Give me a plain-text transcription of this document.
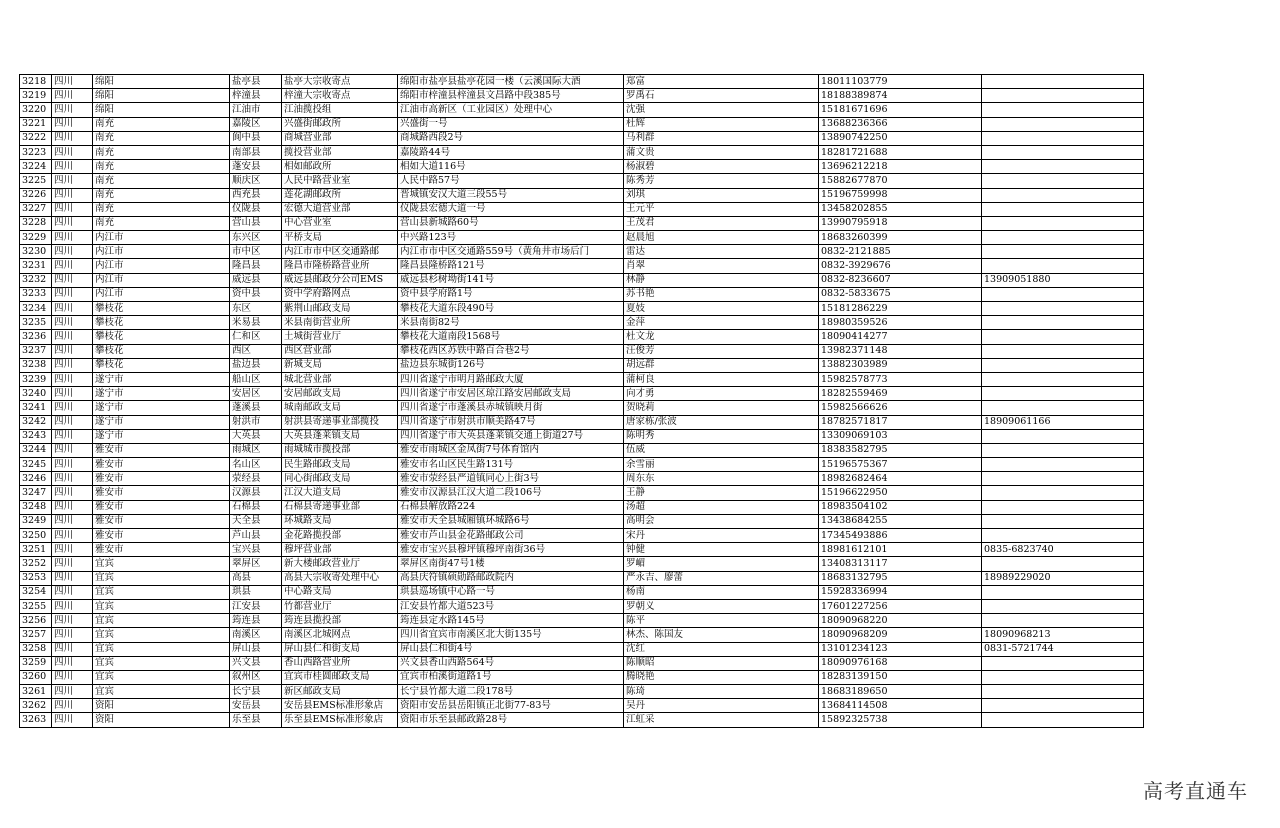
3218	四川	绵阳	盐亭县	盐亭大宗收寄点	绵阳市盐亭县盐亭花园一楼（云溪国际大酒	郑富	18011103779	
3219	四川	绵阳	梓潼县	梓潼大宗收寄点	绵阳市梓潼县梓潼县文昌路中段385号	罗禹石	18188389874	
3220	四川	绵阳	江油市	江油揽投组	江油市高新区（工业园区）处理中心	沈强	15181671696	
3221	四川	南充	嘉陵区	兴盛街邮政所	兴盛街一号	杜辉	13688236366	
3222	四川	南充	阆中县	商城营业部	商城路西段2号	马利群	13890742250	
3223	四川	南充	南部县	揽投营业部	嘉陵路44号	蒲文贵	18281721688	
3224	四川	南充	蓬安县	相如邮政所	相如大道116号	杨淑碧	13696212218	
3225	四川	南充	顺庆区	人民中路营业室	人民中路57号	陈秀芳	15882677870	
3226	四川	南充	西充县	莲花湖邮政所	晋城镇安汉大道三段55号	刘琪	15196759998	
3227	四川	南充	仪陇县	宏德大道营业部	仪陇县宏德大道一号	王元平	13458202855	
3228	四川	南充	营山县	中心营业室	营山县新城路60号	王茂君	13990795918	
3229	四川	内江市	东兴区	平桥支局	中兴路123号	赵晨旭	18683260399	
3230	四川	内江市	市中区	内江市市中区交通路邮	内江市市中区交通路559号（黄角井市场后门	雷达	0832-2121885	
3231	四川	内江市	隆昌县	隆昌市隆桥路营业所	隆昌县隆桥路121号	肖翠	0832-3929676	
3232	四川	内江市	威远县	威远县邮政分公司EMS	威远县杉树坳街141号	林静	0832-8236607	13909051880
3233	四川	内江市	资中县	资中学府路网点	资中县学府路1号	苏书艳	0832-5833675	
3234	四川	攀枝花	东区	紫荆山邮政支局	攀枝花大道东段490号	夏妓	15181286229	
3235	四川	攀枝花	米易县	米县南街营业所	米县南街82号	金萍	18980359526	
3236	四川	攀枝花	仁和区	土城街营业厅	攀枝花大道南段1568号	杜文龙	18090414277	
3237	四川	攀枝花	西区	西区营业部	攀枝花西区苏铁中路百合巷2号	汪俊芳	13982371148	
3238	四川	攀枝花	盐边县	新城支局	盐边县东城街126号	胡远群	13882303989	
3239	四川	遂宁市	船山区	城北营业部	四川省遂宁市明月路邮政大厦	蒲柯良	15982578773	
3240	四川	遂宁市	安居区	安居邮政支局	四川省遂宁市安居区琼江路安居邮政支局	向才勇	18282559469	
3241	四川	遂宁市	蓬溪县	城南邮政支局	四川省遂宁市蓬溪县赤城镇映月街	贺晓莉	15982566626	
3242	四川	遂宁市	射洪市	射洪县寄递事业部揽投	四川省遂宁市射洪市顺美路47号	唐家栋/张波	18782571817	18909061166
3243	四川	遂宁市	大英县	大英县蓬莱镇支局	四川省遂宁市大英县蓬莱镇交通上街道27号	陈明秀	13309069103	
3244	四川	雅安市	雨城区	雨城城市揽投部	雅安市雨城区金凤街7号体育馆内	伍威	18383582795	
3245	四川	雅安市	名山区	民生路邮政支局	雅安市名山区民生路131号	余雪丽	15196575367	
3246	四川	雅安市	荥经县	同心街邮政支局	雅安市荥经县严道镇同心上街3号	周东东	18982682464	
3247	四川	雅安市	汉源县	江汉大道支局	雅安市汉源县江汉大道二段106号	王静	15196622950	
3248	四川	雅安市	石棉县	石棉县寄递事业部	石棉县解放路224	汤超	18983504102	
3249	四川	雅安市	天全县	环城路支局	雅安市天全县城厢镇环城路6号	高明会	13438684255	
3250	四川	雅安市	芦山县	金花路揽投部	雅安市芦山县金花路邮政公司	宋丹	17345493886	
3251	四川	雅安市	宝兴县	穆坪营业部	雅安市宝兴县穆坪镇穆坪南街36号	钟健	18981612101	0835-6823740
3252	四川	宜宾	翠屏区	新大楼邮政营业厅	翠屏区南街47号1楼	罗嵋	13408313117	
3253	四川	宜宾	高县	高县大宗收寄处理中心	高县庆符镇硕勋路邮政院内	严永吉、廖蕾	18683132795	18989229020
3254	四川	宜宾	珙县	中心路支局	珙县巡场镇中心路一号	杨南	15928336994	
3255	四川	宜宾	江安县	竹都营业厅	江安县竹都大道523号	罗朝义	17601227256	
3256	四川	宜宾	筠连县	筠连县揽投部	筠连县定水路145号	陈平	18090968220	
3257	四川	宜宾	南溪区	南溪区北城网点	四川省宜宾市南溪区北大街135号	林杰、陈国友	18090968209	18090968213
3258	四川	宜宾	屏山县	屏山县仁和街支局	屏山县仁和街4号	沈红	13101234123	0831-5721744
3259	四川	宜宾	兴文县	香山西路营业所	兴文县香山西路564号	陈顺昭	18090976168	
3260	四川	宜宾	叙州区	宜宾市桂圆邮政支局	宜宾市柏溪街道路1号	腾晓艳	18283139150	
3261	四川	宜宾	长宁县	新区邮政支局	长宁县竹都大道二段178号	陈琦	18683189650	
3262	四川	资阳	安岳县	安岳县EMS标准形象店	资阳市安岳县岳阳镇正北街77-83号	吴丹	13684114508	
3263	四川	资阳	乐至县	乐至县EMS标准形象店	资阳市乐至县邮政路28号	江虹采	15892325738	
高考直通车
